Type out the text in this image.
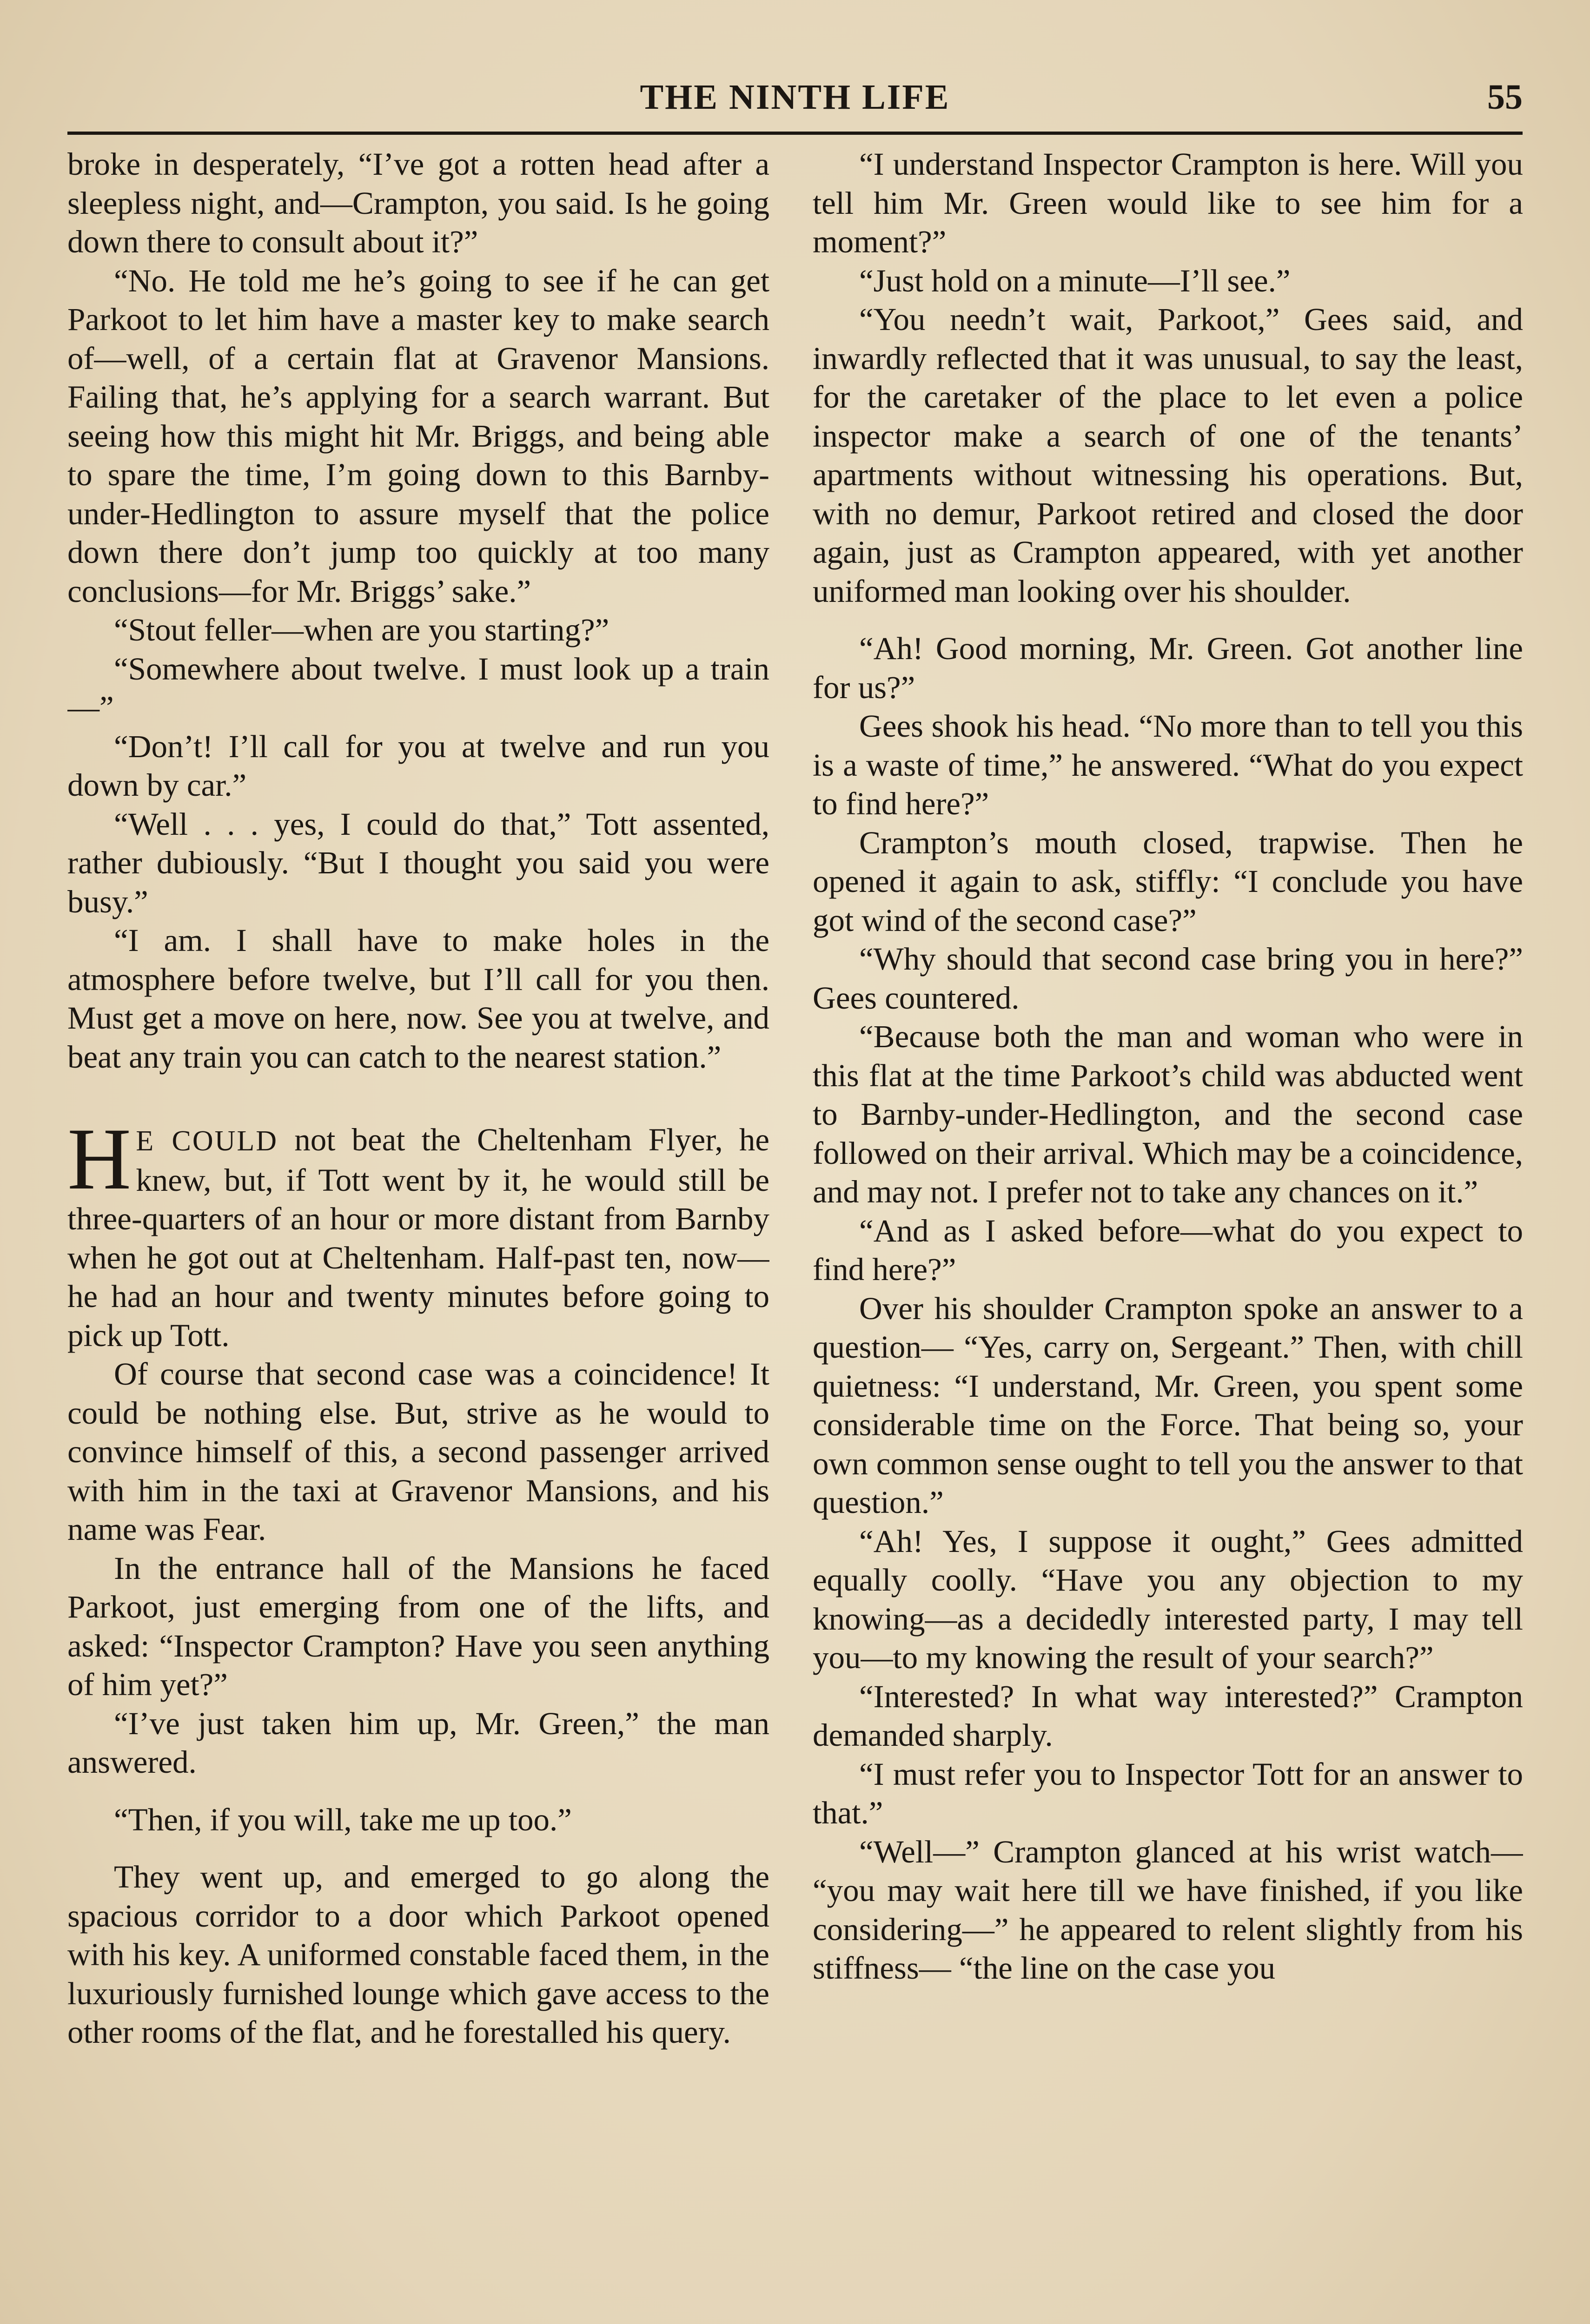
THE NINTH LIFE	55

broke in desperately, “I’ve got a rotten head after a sleepless night, and—Crampton, you said. Is he going down there to consult about it?”

“No. He told me he’s going to see if he can get Parkoot to let him have a master key to make search of—well, of a certain flat at Gravenor Mansions. Failing that, he’s applying for a search warrant. But seeing how this might hit Mr. Briggs, and being able to spare the time, I’m going down to this Barnby-under-Hedlington to assure myself that the police down there don’t jump too quickly at too many conclusions—for Mr. Briggs’ sake.”

“Stout feller—when are you starting?”

“Somewhere about twelve. I must look up a train—”

“Don’t! I’ll call for you at twelve and run you down by car.”

“Well . . . yes, I could do that,” Tott assented, rather dubiously. “But I thought you said you were busy.”

“I am. I shall have to make holes in the atmosphere before twelve, but I’ll call for you then. Must get a move on here, now. See you at twelve, and beat any train you can catch to the nearest station.”

H E COULD not beat the Cheltenham Flyer, he knew, but, if Tott went by it, he would still be three-quarters of an hour or more distant from Barnby when he got out at Cheltenham. Half-past ten, now—he had an hour and twenty minutes before going to pick up Tott.

Of course that second case was a coincidence! It could be nothing else. But, strive as he would to convince himself of this, a second passenger arrived with him in the taxi at Gravenor Mansions, and his name was Fear.

In the entrance hall of the Mansions he faced Parkoot, just emerging from one of the lifts, and asked: “Inspector Crampton? Have you seen anything of him yet?”

“I’ve just taken him up, Mr. Green,” the man answered.

“Then, if you will, take me up too.”

They went up, and emerged to go along the spacious corridor to a door which Parkoot opened with his key. A uniformed constable faced them, in the luxuriously furnished lounge which gave access to the other rooms of the flat, and he forestalled his query.

“I understand Inspector Crampton is here. Will you tell him Mr. Green would like to see him for a moment?”

“Just hold on a minute—I’ll see.”

“You needn’t wait, Parkoot,” Gees said, and inwardly reflected that it was unusual, to say the least, for the caretaker of the place to let even a police inspector make a search of one of the tenants’ apartments without witnessing his operations. But, with no demur, Parkoot retired and closed the door again, just as Crampton appeared, with yet another uniformed man looking over his shoulder.

“Ah! Good morning, Mr. Green. Got another line for us?”

Gees shook his head. “No more than to tell you this is a waste of time,” he answered. “What do you expect to find here?”

Crampton’s mouth closed, trapwise. Then he opened it again to ask, stiffly: “I conclude you have got wind of the second case?”

“Why should that second case bring you in here?” Gees countered.

“Because both the man and woman who were in this flat at the time Parkoot’s child was abducted went to Barnby-under-Hedlington, and the second case followed on their arrival. Which may be a coincidence, and may not. I prefer not to take any chances on it.”

“And as I asked before—what do you expect to find here?”

Over his shoulder Crampton spoke an answer to a question— “Yes, carry on, Sergeant.” Then, with chill quietness: “I understand, Mr. Green, you spent some considerable time on the Force. That being so, your own common sense ought to tell you the answer to that question.”

“Ah! Yes, I suppose it ought,” Gees admitted equally coolly. “Have you any objection to my knowing—as a decidedly interested party, I may tell you—to my knowing the result of your search?”

“Interested? In what way interested?” Crampton demanded sharply.

“I must refer you to Inspector Tott for an answer to that.”

“Well—” Crampton glanced at his wrist watch— “you may wait here till we have finished, if you like considering—” he appeared to relent slightly from his stiffness— “the line on the case you
